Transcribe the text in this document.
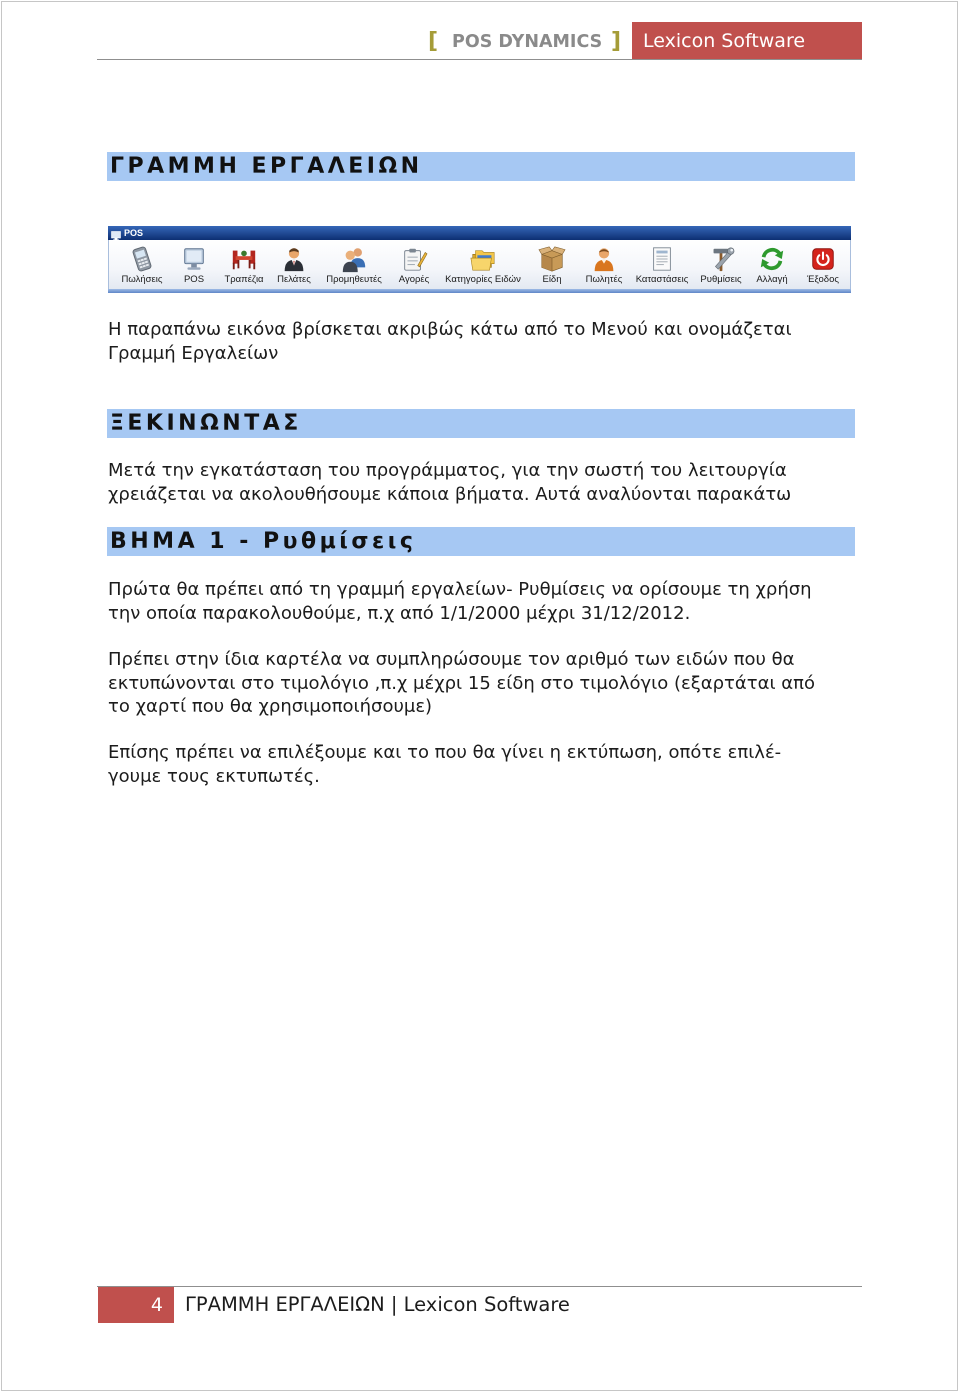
[ POS DYNAMICS ] Lexicon Software
ΓΡΑΜΜΗ ΕΡΓΑΛΕΙΩΝ
POS
Πωλήσεις POS Τραπέζια Πελάτες Προμηθευτές Αγορές Κατηγορίες Ειδών Είδη	Πωλητές Καταστάσεις Ρυθμίσεις Αλλαγή Έξοδος
Η παραπάνω εικόνα βρίσκεται ακριβώς κάτω από το Μενού και ονομάζεται
Γραμμή Εργαλείων
ΞΕΚΙΝΩΝΤΑΣ
Μετά την εγκατάσταση του προγράμματος, για την σωστή του λειτουργία
χρειάζεται να ακολουθήσουμε κάποια βήματα. Αυτά αναλύονται παρακάτω
ΒΗΜΑ 1 - Ρυθμίσεις
Πρώτα θα πρέπει από τη γραμμή εργαλείων- Ρυθμίσεις να ορίσουμε τη χρήση
την οποία παρακολουθούμε, π.χ από 1/1/2000 μέχρι 31/12/2012.
Πρέπει στην ίδια καρτέλα να συμπληρώσουμε τον αριθμό των ειδών που θα
εκτυπώνονται στο τιμολόγιο ,π.χ μέχρι 15 είδη στο τιμολόγιο (εξαρτάται από
το χαρτί που θα χρησιμοποιήσουμε)
Επίσης πρέπει να επιλέξουμε και το που θα γίνει η εκτύπωση, οπότε επιλέ-
γουμε τους εκτυπωτές.
4 ΓΡΑΜΜΗ ΕΡΓΑΛΕΙΩΝ | Lexicon Software
